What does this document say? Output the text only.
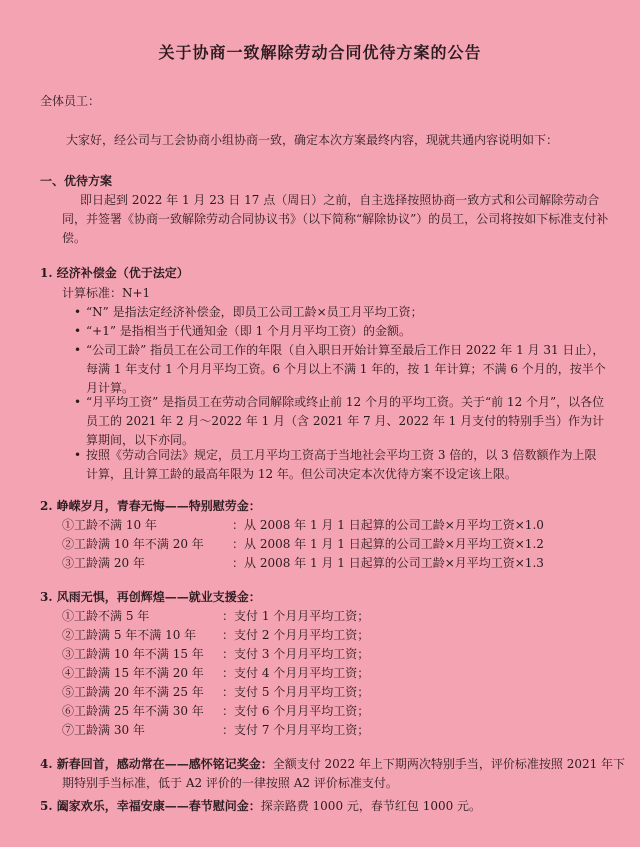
关于协商一致解除劳动合同优待方案的公告
全体员工：
大家好，经公司与工会协商小组协商一致，确定本次方案最终内容，现就共通内容说明如下：
一、优待方案
即日起到 2022 年 1 月 23 日 17 点（周日）之前，自主选择按照协商一致方式和公司解除劳动合同，并签署《协商一致解除劳动合同协议书》（以下简称“解除协议”）的员工，公司将按如下标准支付补偿。
1. 经济补偿金（优于法定）
计算标准：N+1
• “N” 是指法定经济补偿金，即员工公司工龄×员工月平均工资；
• “+1” 是指相当于代通知金（即 1 个月月平均工资）的金额。
• “公司工龄” 指员工在公司工作的年限（自入职日开始计算至最后工作日 2022 年 1 月 31 日止），每满 1 年支付 1 个月月平均工资。6 个月以上不满 1 年的，按 1 年计算；不满 6 个月的，按半个月计算。
• “月平均工资” 是指员工在劳动合同解除或终止前 12 个月的平均工资。关于“前 12 个月”，以各位员工的 2021 年 2 月～2022 年 1 月（含 2021 年 7 月、2022 年 1 月支付的特别手当）作为计算期间，以下亦同。
• 按照《劳动合同法》规定，员工月平均工资高于当地社会平均工资 3 倍的，以 3 倍数额作为上限计算，且计算工龄的最高年限为 12 年。但公司决定本次优待方案不设定该上限。
2. 峥嵘岁月，青春无悔——特别慰劳金：
①工龄不满 10 年	：从 2008 年 1 月 1 日起算的公司工龄×月平均工资×1.0
②工龄满 10 年不满 20 年 ：从 2008 年 1 月 1 日起算的公司工龄×月平均工资×1.2
③工龄满 20 年	：从 2008 年 1 月 1 日起算的公司工龄×月平均工资×1.3
3. 风雨无惧，再创辉煌——就业支援金：
①工龄不满 5 年	：支付 1 个月月平均工资；
②工龄满 5 年不满 10 年 ：支付 2 个月月平均工资；
③工龄满 10 年不满 15 年 ：支付 3 个月月平均工资；
④工龄满 15 年不满 20 年 ：支付 4 个月月平均工资；
⑤工龄满 20 年不满 25 年 ：支付 5 个月月平均工资；
⑥工龄满 25 年不满 30 年 ：支付 6 个月月平均工资；
⑦工龄满 30 年	：支付 7 个月月平均工资；
4. 新春回首，感动常在——感怀铭记奖金：全额支付 2022 年上下期两次特别手当，评价标准按照 2021 年下期特别手当标准，低于 A2 评价的一律按照 A2 评价标准支付。
5. 阖家欢乐，幸福安康——春节慰问金：探亲路费 1000 元，春节红包 1000 元。
